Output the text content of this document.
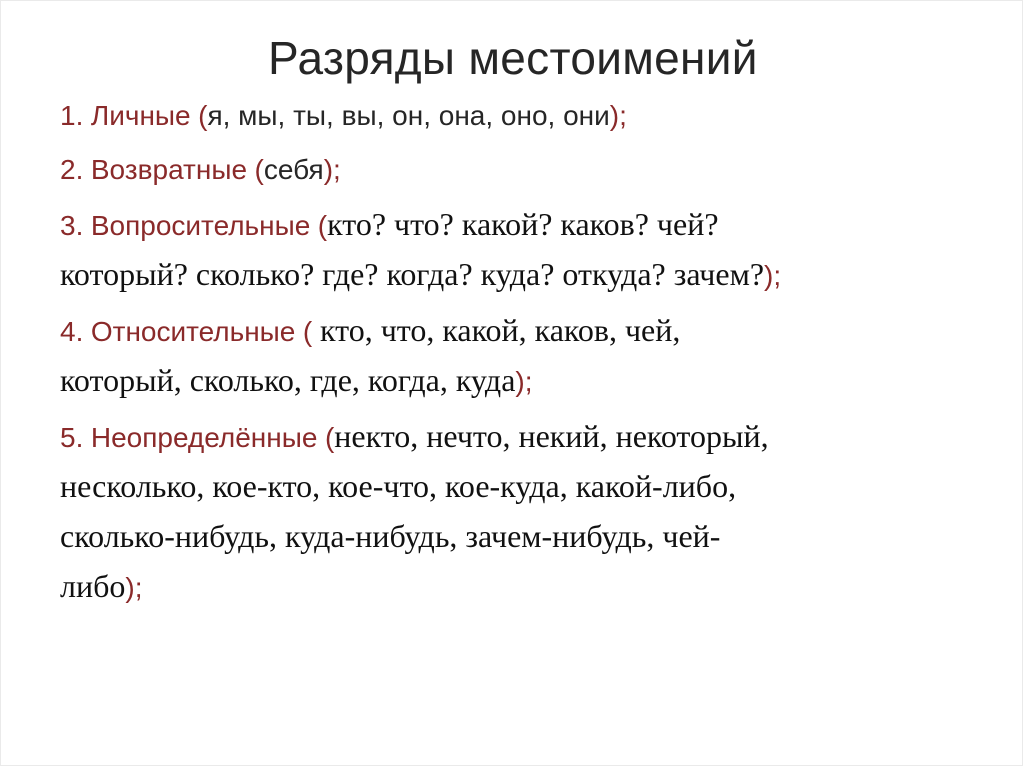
Разряды местоимений
1. Личные (я, мы, ты, вы, он, она, оно, они);
2. Возвратные (себя);
3. Вопросительные (кто? что? какой? каков? чей?
который? сколько? где? когда? куда? откуда? зачем?);
4. Относительные ( кто, что, какой, каков, чей,
который, сколько, где, когда, куда);
5. Неопределённые (некто, нечто, некий, некоторый,
несколько, кое-кто, кое-что, кое-куда, какой-либо,
сколько-нибудь, куда-нибудь, зачем-нибудь, чей-
либо);
